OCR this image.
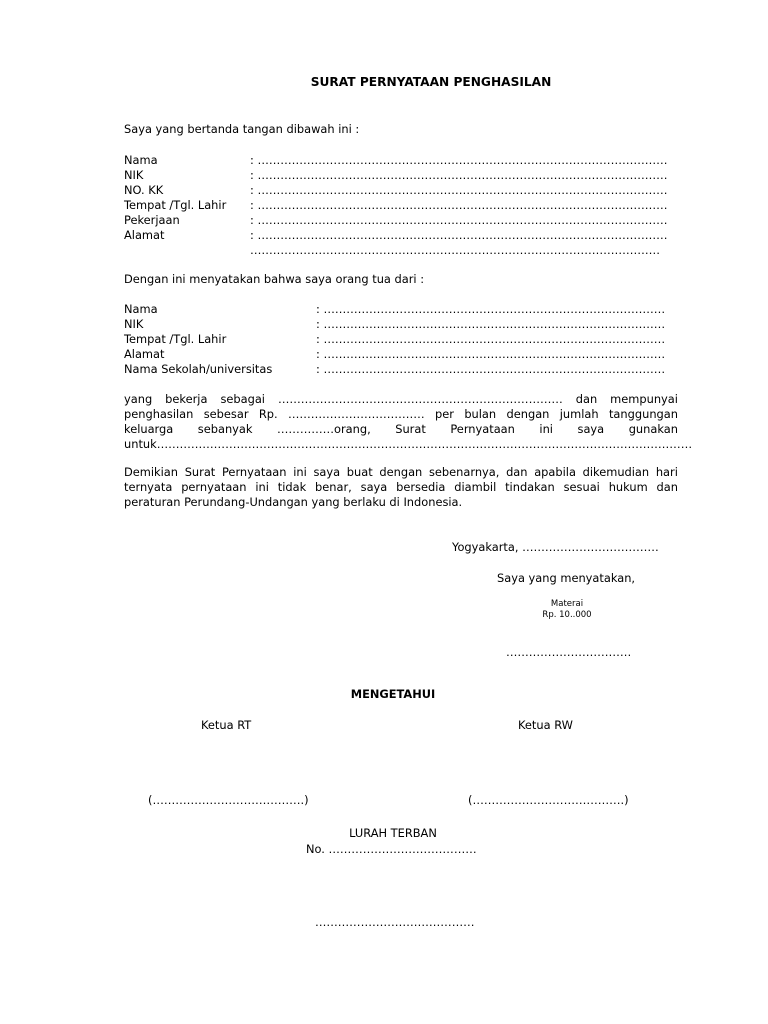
SURAT PERNYATAAN PENGHASILAN
Saya yang bertanda tangan dibawah ini :
Nama	: ………………………………………………………………………………………………
NIK	: ………………………………………………………………………………………………
NO. KK	: ………………………………………………………………………………………………
Tempat /Tgl. Lahir : ………………………………………………………………………………………………
Pekerjaan	: ………………………………………………………………………………………………
Alamat	: ………………………………………………………………………………………………
………………………………………………………………………………………………
Dengan ini menyatakan bahwa saya orang tua dari :
Nama	: ………………………………………………………………………………
NIK	: ………………………………………………………………………………
Tempat /Tgl. Lahir	: ………………………………………………………………………………
Alamat	: ………………………………………………………………………………
Nama Sekolah/universitas	: ………………………………………………………………………………
yang bekerja sebagai ………………………………………………………………… dan mempunyai
penghasilan sebesar Rp. ……………………………… per bulan dengan jumlah tanggungan
keluarga sebanyak ……………orang, Surat Pernyataan ini saya gunakan
untuk……………………………………………………………………………………………………………………………
Demikian Surat Pernyataan ini saya buat dengan sebenarnya, dan apabila dikemudian hari
ternyata pernyataan ini tidak benar, saya bersedia diambil tindakan sesuai hukum dan
peraturan Perundang-Undangan yang berlaku di Indonesia.
Yogyakarta, ………………………………
Saya yang menyatakan,
Materai
Rp. 10..000
……………………………
MENGETAHUI
Ketua RT	Ketua RW
(………………………………….)	(………………………………….)
LURAH TERBAN
No. …………………………………
……………………………………
